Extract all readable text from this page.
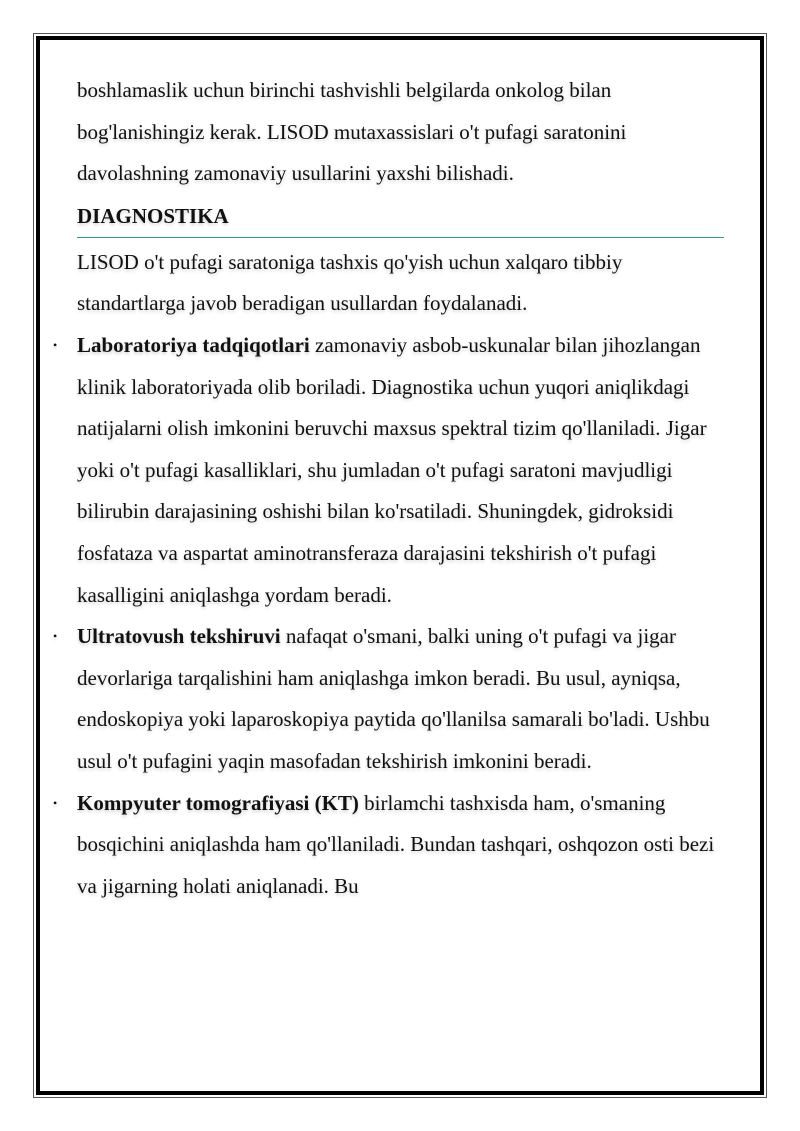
boshlamaslik uchun birinchi tashvishli belgilarda onkolog bilan bog'lanishingiz kerak. LISOD mutaxassislari o't pufagi saratonini davolashning zamonaviy usullarini yaxshi bilishadi.

DIAGNOSTIKA

LISOD o't pufagi saratoniga tashxis qo'yish uchun xalqaro tibbiy standartlarga javob beradigan usullardan foydalanadi.

• Laboratoriya tadqiqotlari zamonaviy asbob-uskunalar bilan jihozlangan klinik laboratoriyada olib boriladi. Diagnostika uchun yuqori aniqlikdagi natijalarni olish imkonini beruvchi maxsus spektral tizim qo'llaniladi. Jigar yoki o't pufagi kasalliklari, shu jumladan o't pufagi saratoni mavjudligi bilirubin darajasining oshishi bilan ko'rsatiladi. Shuningdek, gidroksidi fosfataza va aspartat aminotransferaza darajasini tekshirish o't pufagi kasalligini aniqlashga yordam beradi.
• Ultratovush tekshiruvi nafaqat o'smani, balki uning o't pufagi va jigar devorlariga tarqalishini ham aniqlashga imkon beradi. Bu usul, ayniqsa, endoskopiya yoki laparoskopiya paytida qo'llanilsa samarali bo'ladi. Ushbu usul o't pufagini yaqin masofadan tekshirish imkonini beradi.
• Kompyuter tomografiyasi (KT) birlamchi tashxisda ham, o'smaning bosqichini aniqlashda ham qo'llaniladi. Bundan tashqari, oshqozon osti bezi va jigarning holati aniqlanadi. Bu
